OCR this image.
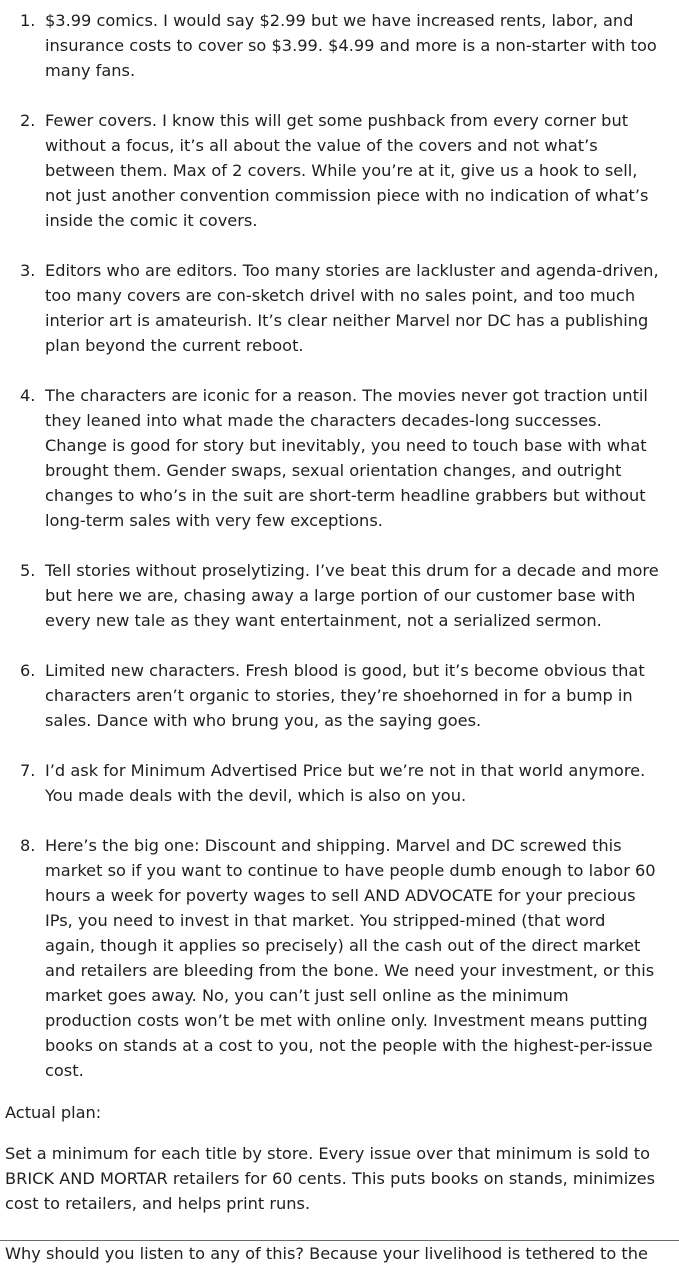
1. $3.99 comics. I would say $2.99 but we have increased rents, labor, and insurance costs to cover so $3.99. $4.99 and more is a non-starter with too many fans.
2. Fewer covers. I know this will get some pushback from every corner but without a focus, it’s all about the value of the covers and not what’s between them. Max of 2 covers. While you’re at it, give us a hook to sell, not just another convention commission piece with no indication of what’s inside the comic it covers.
3. Editors who are editors. Too many stories are lackluster and agenda-driven, too many covers are con-sketch drivel with no sales point, and too much interior art is amateurish. It’s clear neither Marvel nor DC has a publishing plan beyond the current reboot.
4. The characters are iconic for a reason. The movies never got traction until they leaned into what made the characters decades-long successes. Change is good for story but inevitably, you need to touch base with what brought them. Gender swaps, sexual orientation changes, and outright changes to who’s in the suit are short-term headline grabbers but without long-term sales with very few exceptions.
5. Tell stories without proselytizing. I’ve beat this drum for a decade and more but here we are, chasing away a large portion of our customer base with every new tale as they want entertainment, not a serialized sermon.
6. Limited new characters. Fresh blood is good, but it’s become obvious that characters aren’t organic to stories, they’re shoehorned in for a bump in sales. Dance with who brung you, as the saying goes.
7. I’d ask for Minimum Advertised Price but we’re not in that world anymore. You made deals with the devil, which is also on you.
8. Here’s the big one: Discount and shipping. Marvel and DC screwed this market so if you want to continue to have people dumb enough to labor 60 hours a week for poverty wages to sell AND ADVOCATE for your precious IPs, you need to invest in that market. You stripped-mined (that word again, though it applies so precisely) all the cash out of the direct market and retailers are bleeding from the bone. We need your investment, or this market goes away. No, you can’t just sell online as the minimum production costs won’t be met with online only. Investment means putting books on stands at a cost to you, not the people with the highest-per-issue cost.

Actual plan:

Set a minimum for each title by store. Every issue over that minimum is sold to BRICK AND MORTAR retailers for 60 cents. This puts books on stands, minimizes cost to retailers, and helps print runs.

Why should you listen to any of this? Because your livelihood is tethered to the
